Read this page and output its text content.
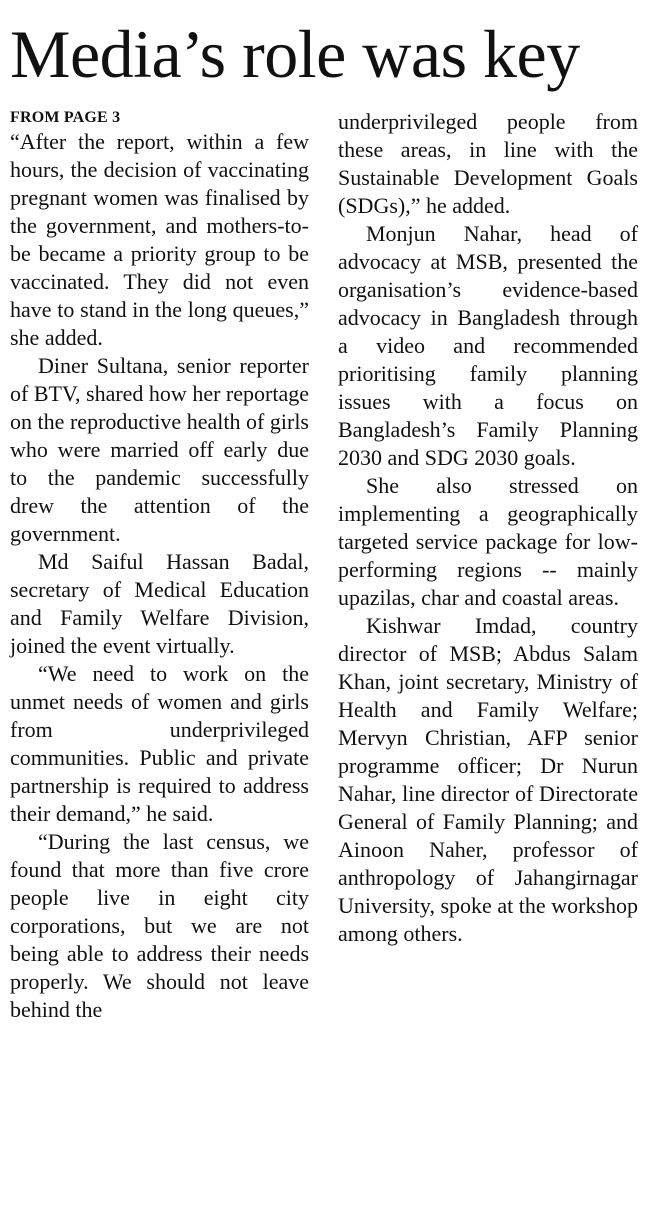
Media’s role was key
FROM PAGE 3

“After the report, within a few hours, the decision of vaccinating pregnant women was finalised by the government, and mothers-to-be became a priority group to be vaccinated. They did not even have to stand in the long queues,” she added.

Diner Sultana, senior reporter of BTV, shared how her reportage on the reproductive health of girls who were married off early due to the pandemic successfully drew the attention of the government.

Md Saiful Hassan Badal, secretary of Medical Education and Family Welfare Division, joined the event virtually.

“We need to work on the unmet needs of women and girls from underprivileged communities. Public and private partnership is required to address their demand,” he said.

“During the last census, we found that more than five crore people live in eight city corporations, but we are not being able to address their needs properly. We should not leave behind the

underprivileged people from these areas, in line with the Sustainable Development Goals (SDGs),” he added.

Monjun Nahar, head of advocacy at MSB, presented the organisation’s evidence-based advocacy in Bangladesh through a video and recommended prioritising family planning issues with a focus on Bangladesh’s Family Planning 2030 and SDG 2030 goals.

She also stressed on implementing a geographically targeted service package for low-performing regions -- mainly upazilas, char and coastal areas.

Kishwar Imdad, country director of MSB; Abdus Salam Khan, joint secretary, Ministry of Health and Family Welfare; Mervyn Christian, AFP senior programme officer; Dr Nurun Nahar, line director of Directorate General of Family Planning; and Ainoon Naher, professor of anthropology of Jahangirnagar University, spoke at the workshop among others.
